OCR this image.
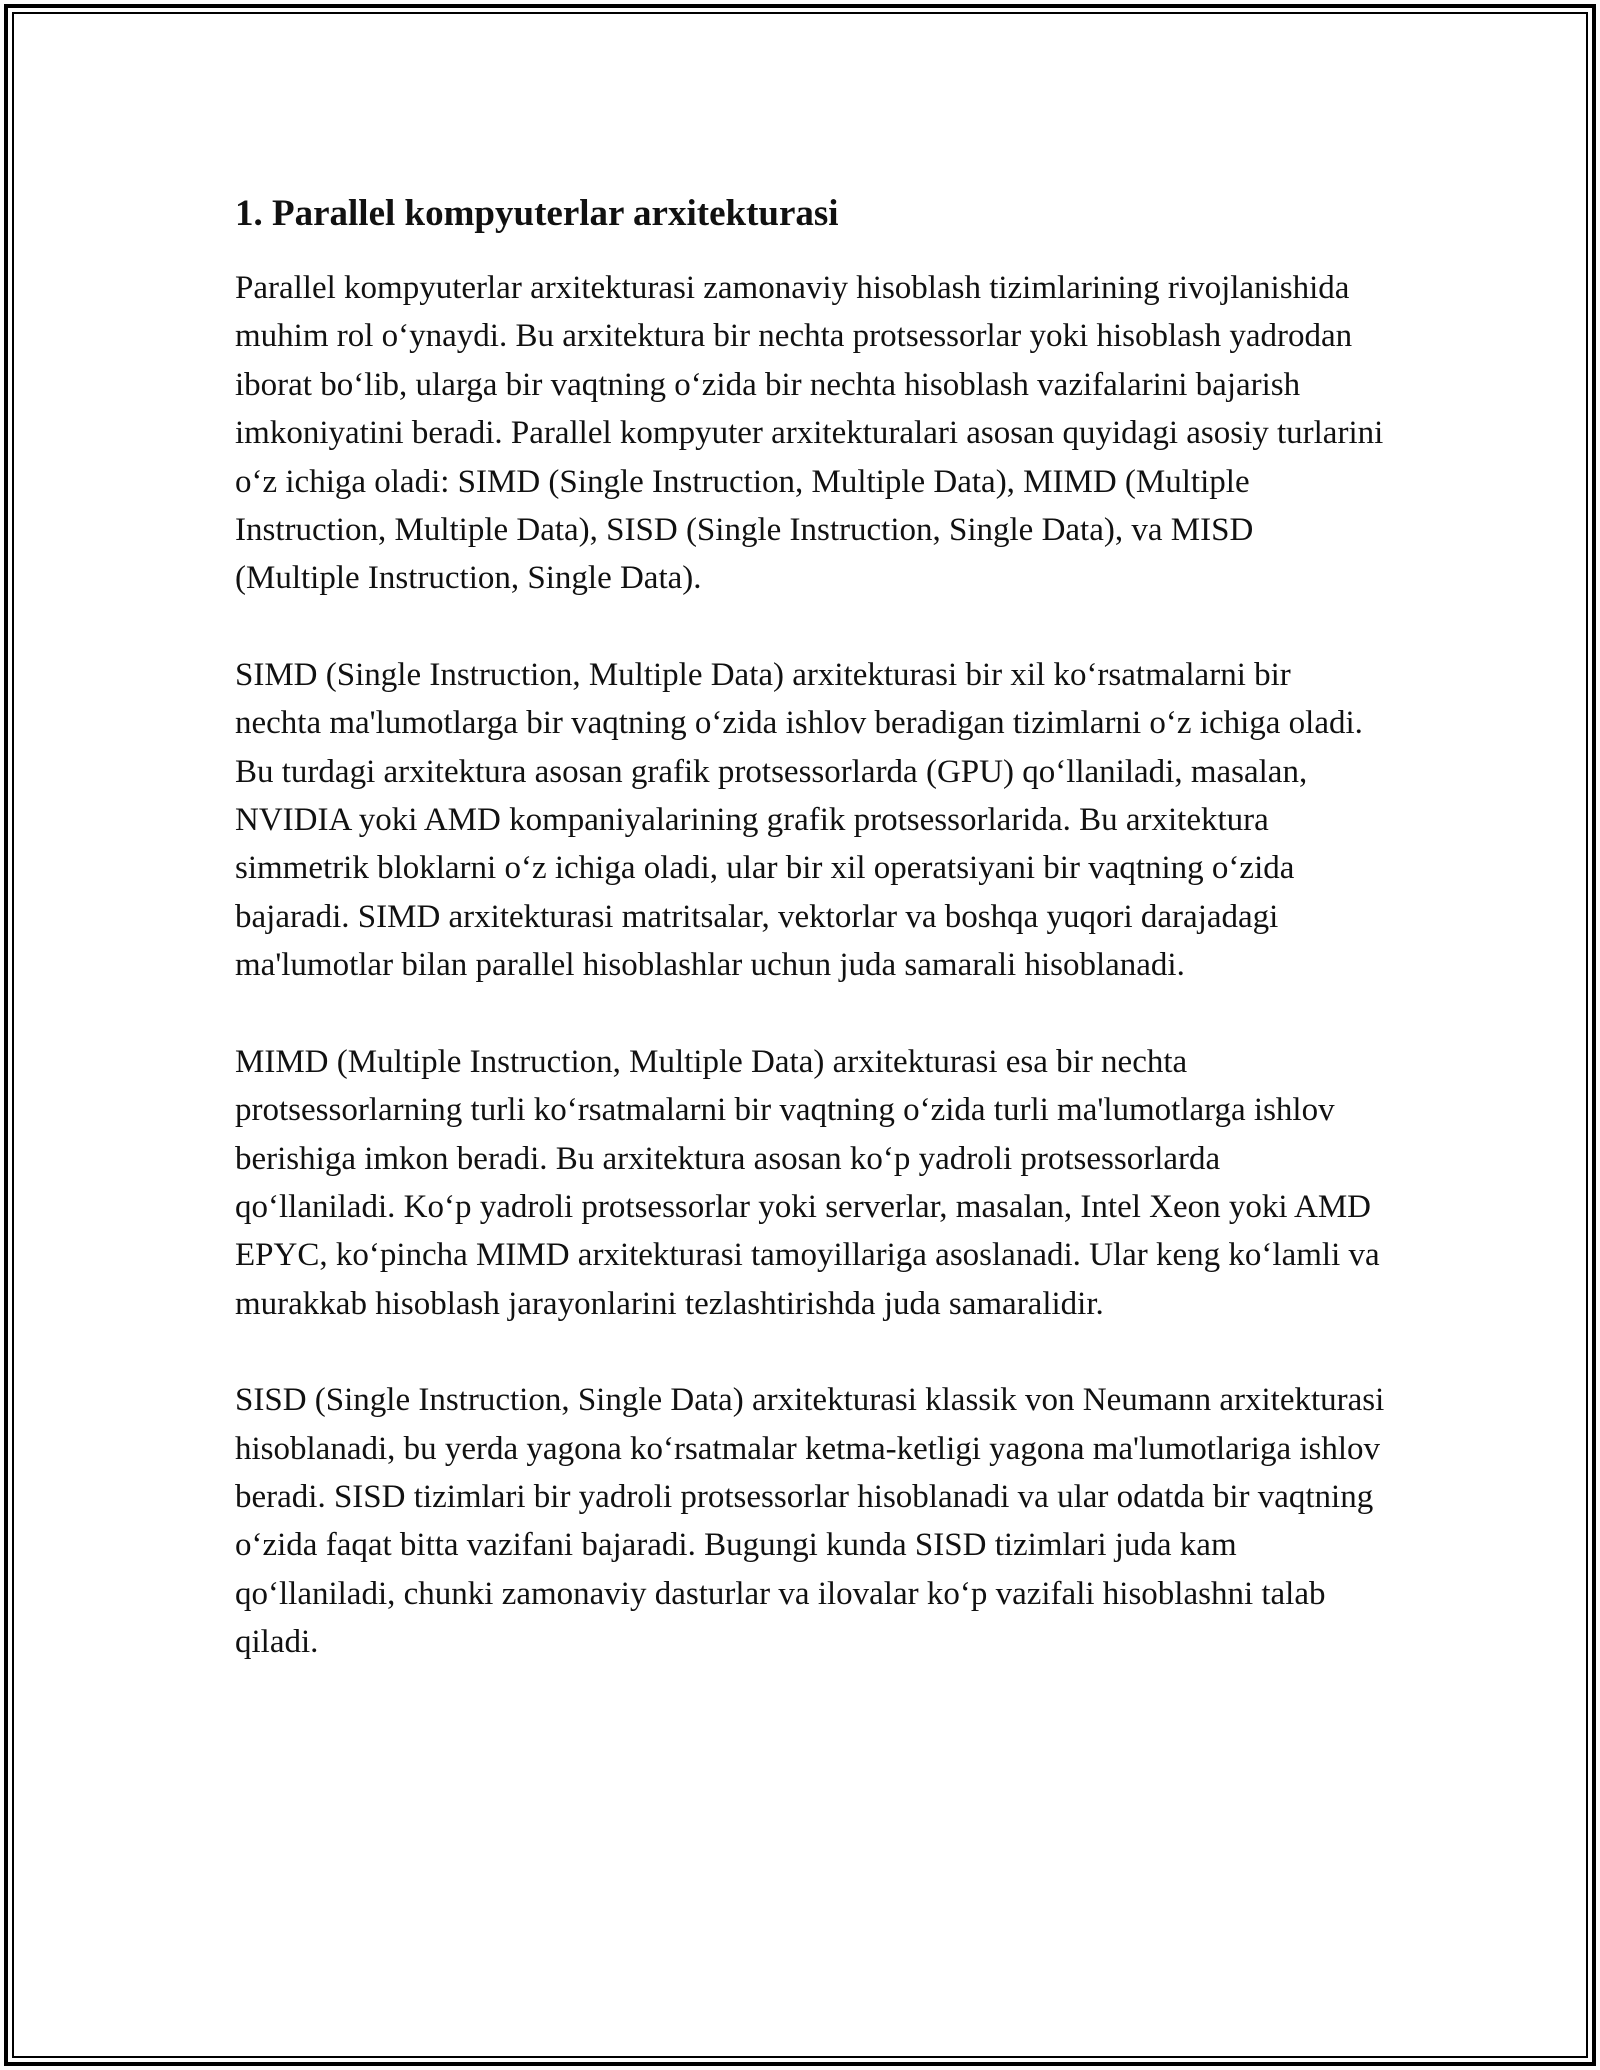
1. Parallel kompyuterlar arxitekturasi

Parallel kompyuterlar arxitekturasi zamonaviy hisoblash tizimlarining rivojlanishida muhim rol oʻynaydi. Bu arxitektura bir nechta protsessorlar yoki hisoblash yadrodan iborat boʻlib, ularga bir vaqtning oʻzida bir nechta hisoblash vazifalarini bajarish imkoniyatini beradi. Parallel kompyuter arxitekturalari asosan quyidagi asosiy turlarini oʻz ichiga oladi: SIMD (Single Instruction, Multiple Data), MIMD (Multiple Instruction, Multiple Data), SISD (Single Instruction, Single Data), va MISD (Multiple Instruction, Single Data).

SIMD (Single Instruction, Multiple Data) arxitekturasi bir xil koʻrsatmalarni bir nechta ma'lumotlarga bir vaqtning oʻzida ishlov beradigan tizimlarni oʻz ichiga oladi. Bu turdagi arxitektura asosan grafik protsessorlarda (GPU) qoʻllaniladi, masalan, NVIDIA yoki AMD kompaniyalarining grafik protsessorlarida. Bu arxitektura simmetrik bloklarni oʻz ichiga oladi, ular bir xil operatsiyani bir vaqtning oʻzida bajaradi. SIMD arxitekturasi matritsalar, vektorlar va boshqa yuqori darajadagi ma'lumotlar bilan parallel hisoblashlar uchun juda samarali hisoblanadi.

MIMD (Multiple Instruction, Multiple Data) arxitekturasi esa bir nechta protsessorlarning turli koʻrsatmalarni bir vaqtning oʻzida turli ma'lumotlarga ishlov berishiga imkon beradi. Bu arxitektura asosan koʻp yadroli protsessorlarda qoʻllaniladi. Koʻp yadroli protsessorlar yoki serverlar, masalan, Intel Xeon yoki AMD EPYC, koʻpincha MIMD arxitekturasi tamoyillariga asoslanadi. Ular keng koʻlamli va murakkab hisoblash jarayonlarini tezlashtirishda juda samaralidir.

SISD (Single Instruction, Single Data) arxitekturasi klassik von Neumann arxitekturasi hisoblanadi, bu yerda yagona koʻrsatmalar ketma-ketligi yagona ma'lumotlariga ishlov beradi. SISD tizimlari bir yadroli protsessorlar hisoblanadi va ular odatda bir vaqtning oʻzida faqat bitta vazifani bajaradi. Bugungi kunda SISD tizimlari juda kam qoʻllaniladi, chunki zamonaviy dasturlar va ilovalar koʻp vazifali hisoblashni talab qiladi.
